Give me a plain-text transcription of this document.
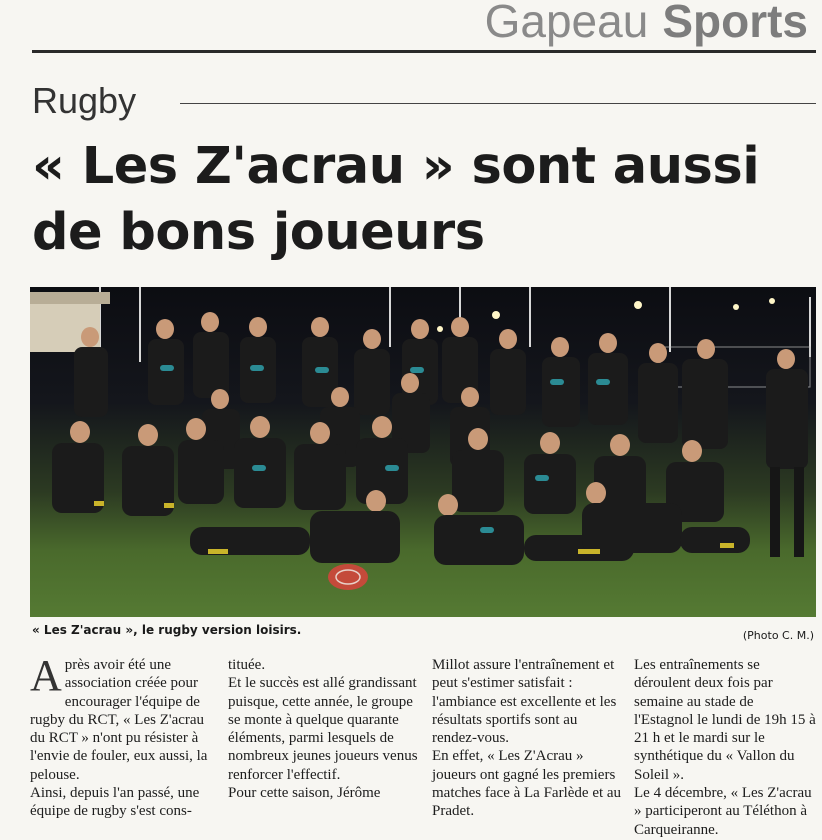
Gapeau Sports
Rugby
« Les Z'acrau » sont aussi de bons joueurs
« Les Z'acrau », le rugby version loisirs.	(Photo C. M.)
A près avoir été une association créée pour encourager l'équipe de rugby du RCT, « Les Z'acrau du RCT » n'ont pu résister à l'envie de fouler, eux aussi, la pelouse.

Ainsi, depuis l'an passé, une équipe de rugby s'est cons-

tituée.

Et le succès est allé grandissant puisque, cette année, le groupe se monte à quelque quarante éléments, parmi lesquels de nombreux jeunes joueurs venus renforcer l'effectif.

Pour cette saison, Jérôme

Millot assure l'entraînement et peut s'estimer satisfait : l'ambiance est excellente et les résultats sportifs sont au rendez-vous.

En effet, « Les Z'Acrau » joueurs ont gagné les premiers matches face à La Farlède et au Pradet.

Les entraînements se déroulent deux fois par semaine au stade de l'Estagnol le lundi de 19h 15 à 21 h et le mardi sur le synthétique du « Vallon du Soleil ».

Le 4 décembre, « Les Z'acrau » participeront au Téléthon à Carqueiranne.
